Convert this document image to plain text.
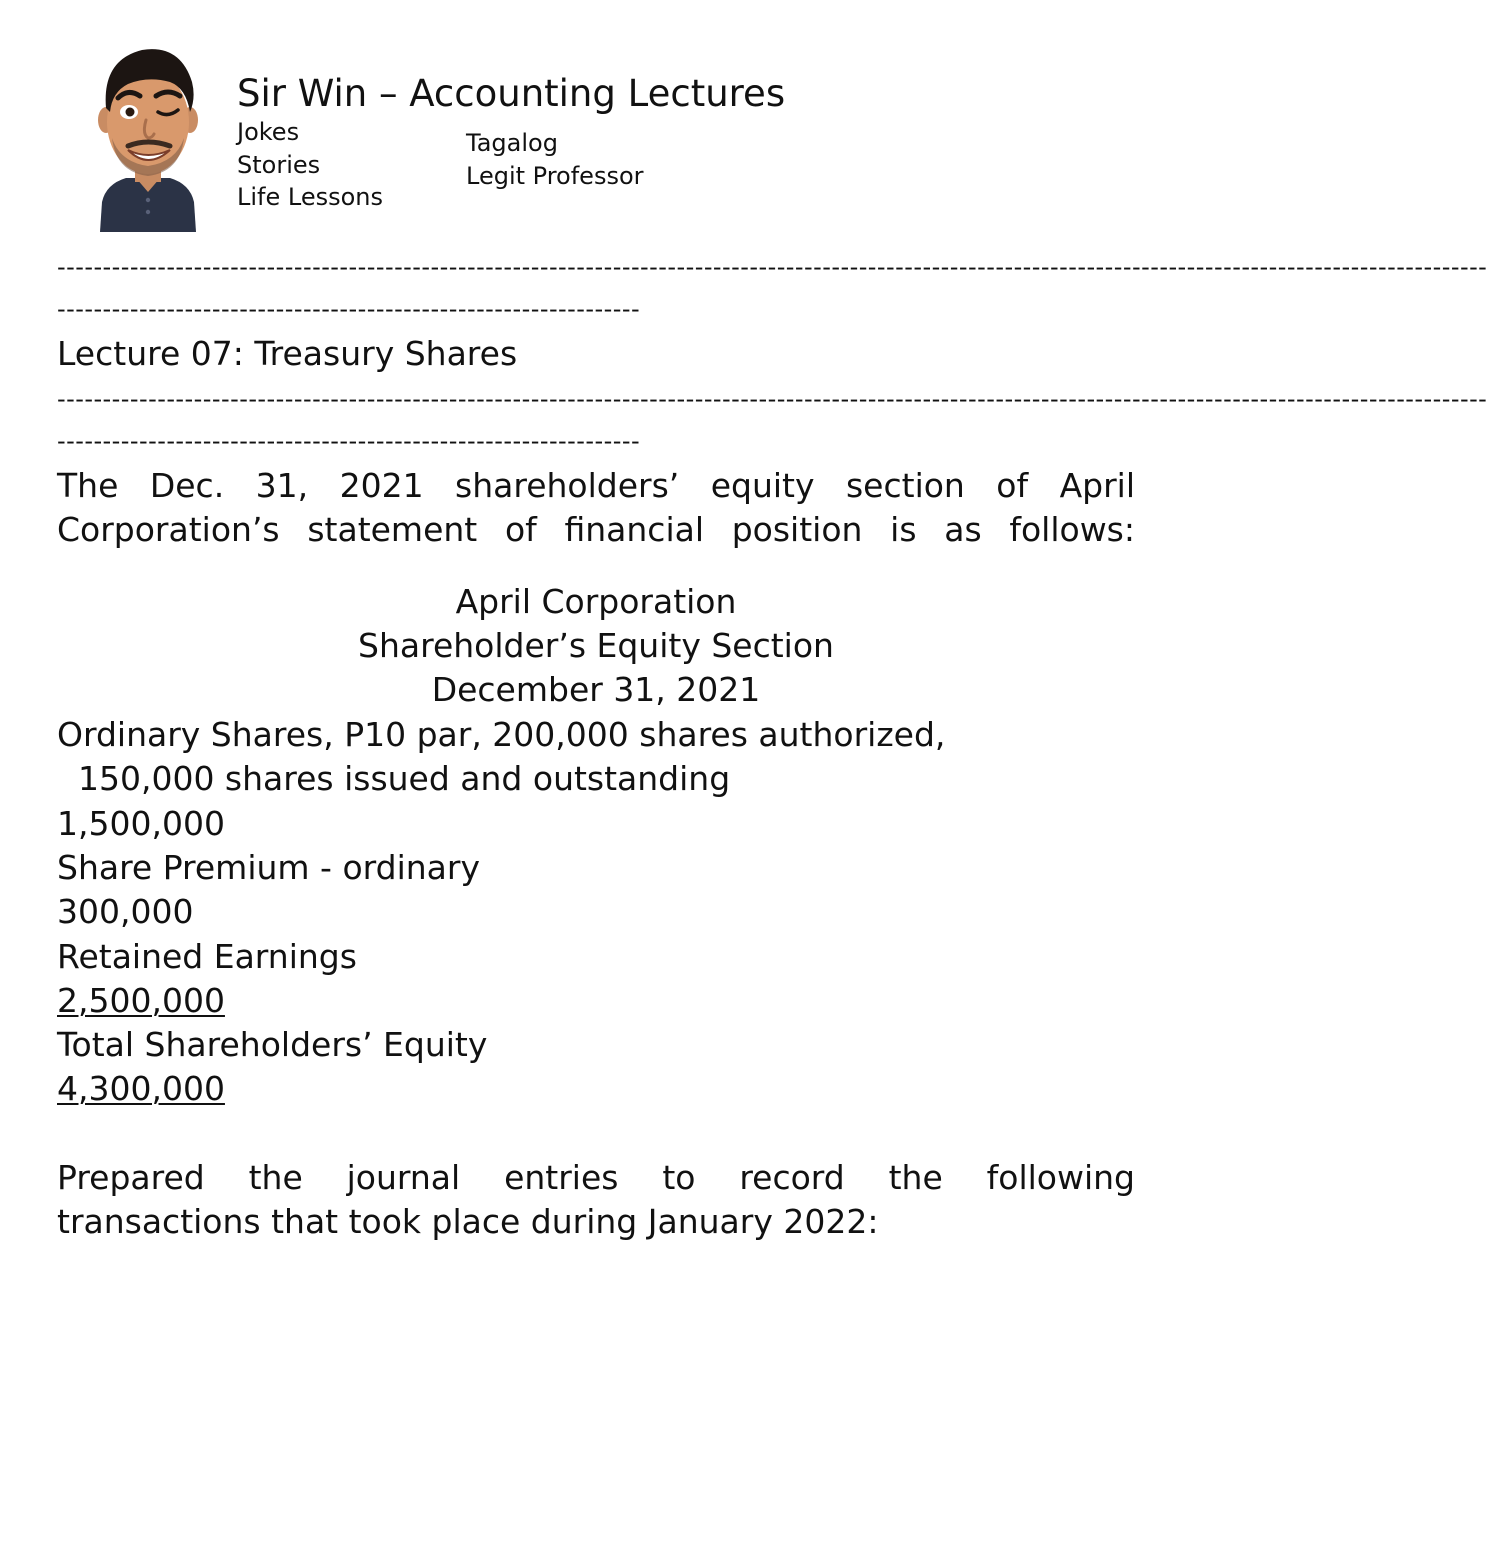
Sir Win – Accounting Lectures
Jokes
Stories
Life Lessons
Tagalog
Legit Professor
-------------------------------------------------------------------------------------------------------------------------------------------------------------
----------------------------------------------------------------
Lecture 07: Treasury Shares
-------------------------------------------------------------------------------------------------------------------------------------------------------------
----------------------------------------------------------------
The Dec. 31, 2021 shareholders’ equity section of April
Corporation’s statement of financial position is as follows:
April Corporation
Shareholder’s Equity Section
December 31, 2021
Ordinary Shares, P10 par, 200,000 shares authorized,
150,000 shares issued and outstanding
1,500,000
Share Premium - ordinary
300,000
Retained Earnings
2,500,000
Total Shareholders’ Equity
4,300,000
Prepared the journal entries to record the following
transactions that took place during January 2022:
